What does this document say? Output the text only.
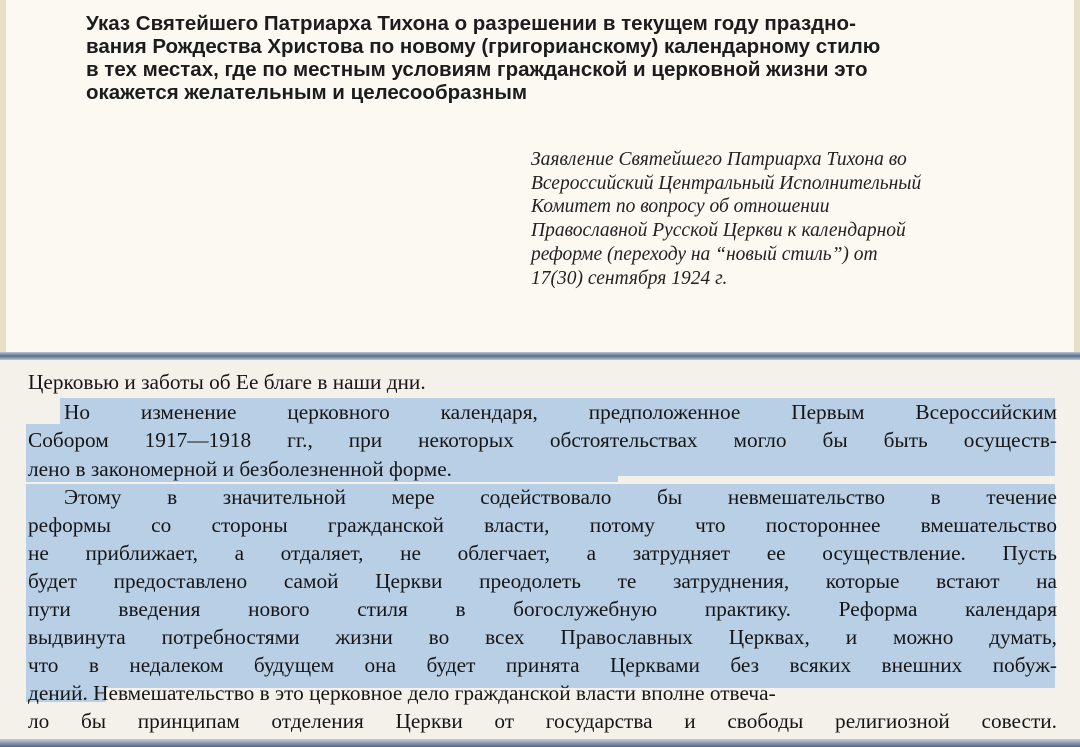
Указ Святейшего Патриарха Тихона о разрешении в текущем году праздно-
вания Рождества Христова по новому (григорианскому) календарному стилю
в тех местах, где по местным условиям гражданской и церковной жизни это
окажется желательным и целесообразным

Заявление Святейшего Патриарха Тихона во
Всероссийский Центральный Исполнительный
Комитет по вопросу об отношении
Православной Русской Церкви к календарной
реформе (переходу на “новый стиль”) от
17(30) сентября 1924 г.

Церковью и заботы об Ее благе в наши дни.
Но изменение церковного календаря, предположенное Первым Всероссийским
Собором 1917—1918 гг., при некоторых обстоятельствах могло бы быть осуществ-
лено в закономерной и безболезненной форме.
Этому в значительной мере содействовало бы невмешательство в течение
реформы со стороны гражданской власти, потому что постороннее вмешательство
не приближает, а отдаляет, не облегчает, а затрудняет ее осуществление. Пусть
будет предоставлено самой Церкви преодолеть те затруднения, которые встают на
пути введения нового стиля в богослужебную практику. Реформа календаря
выдвинута потребностями жизни во всех Православных Церквах, и можно думать,
что в недалеком будущем она будет принята Церквами без всяких внешних побуж-
дений. Невмешательство в это церковное дело гражданской власти вполне отвеча-
ло бы принципам отделения Церкви от государства и свободы религиозной совести.
